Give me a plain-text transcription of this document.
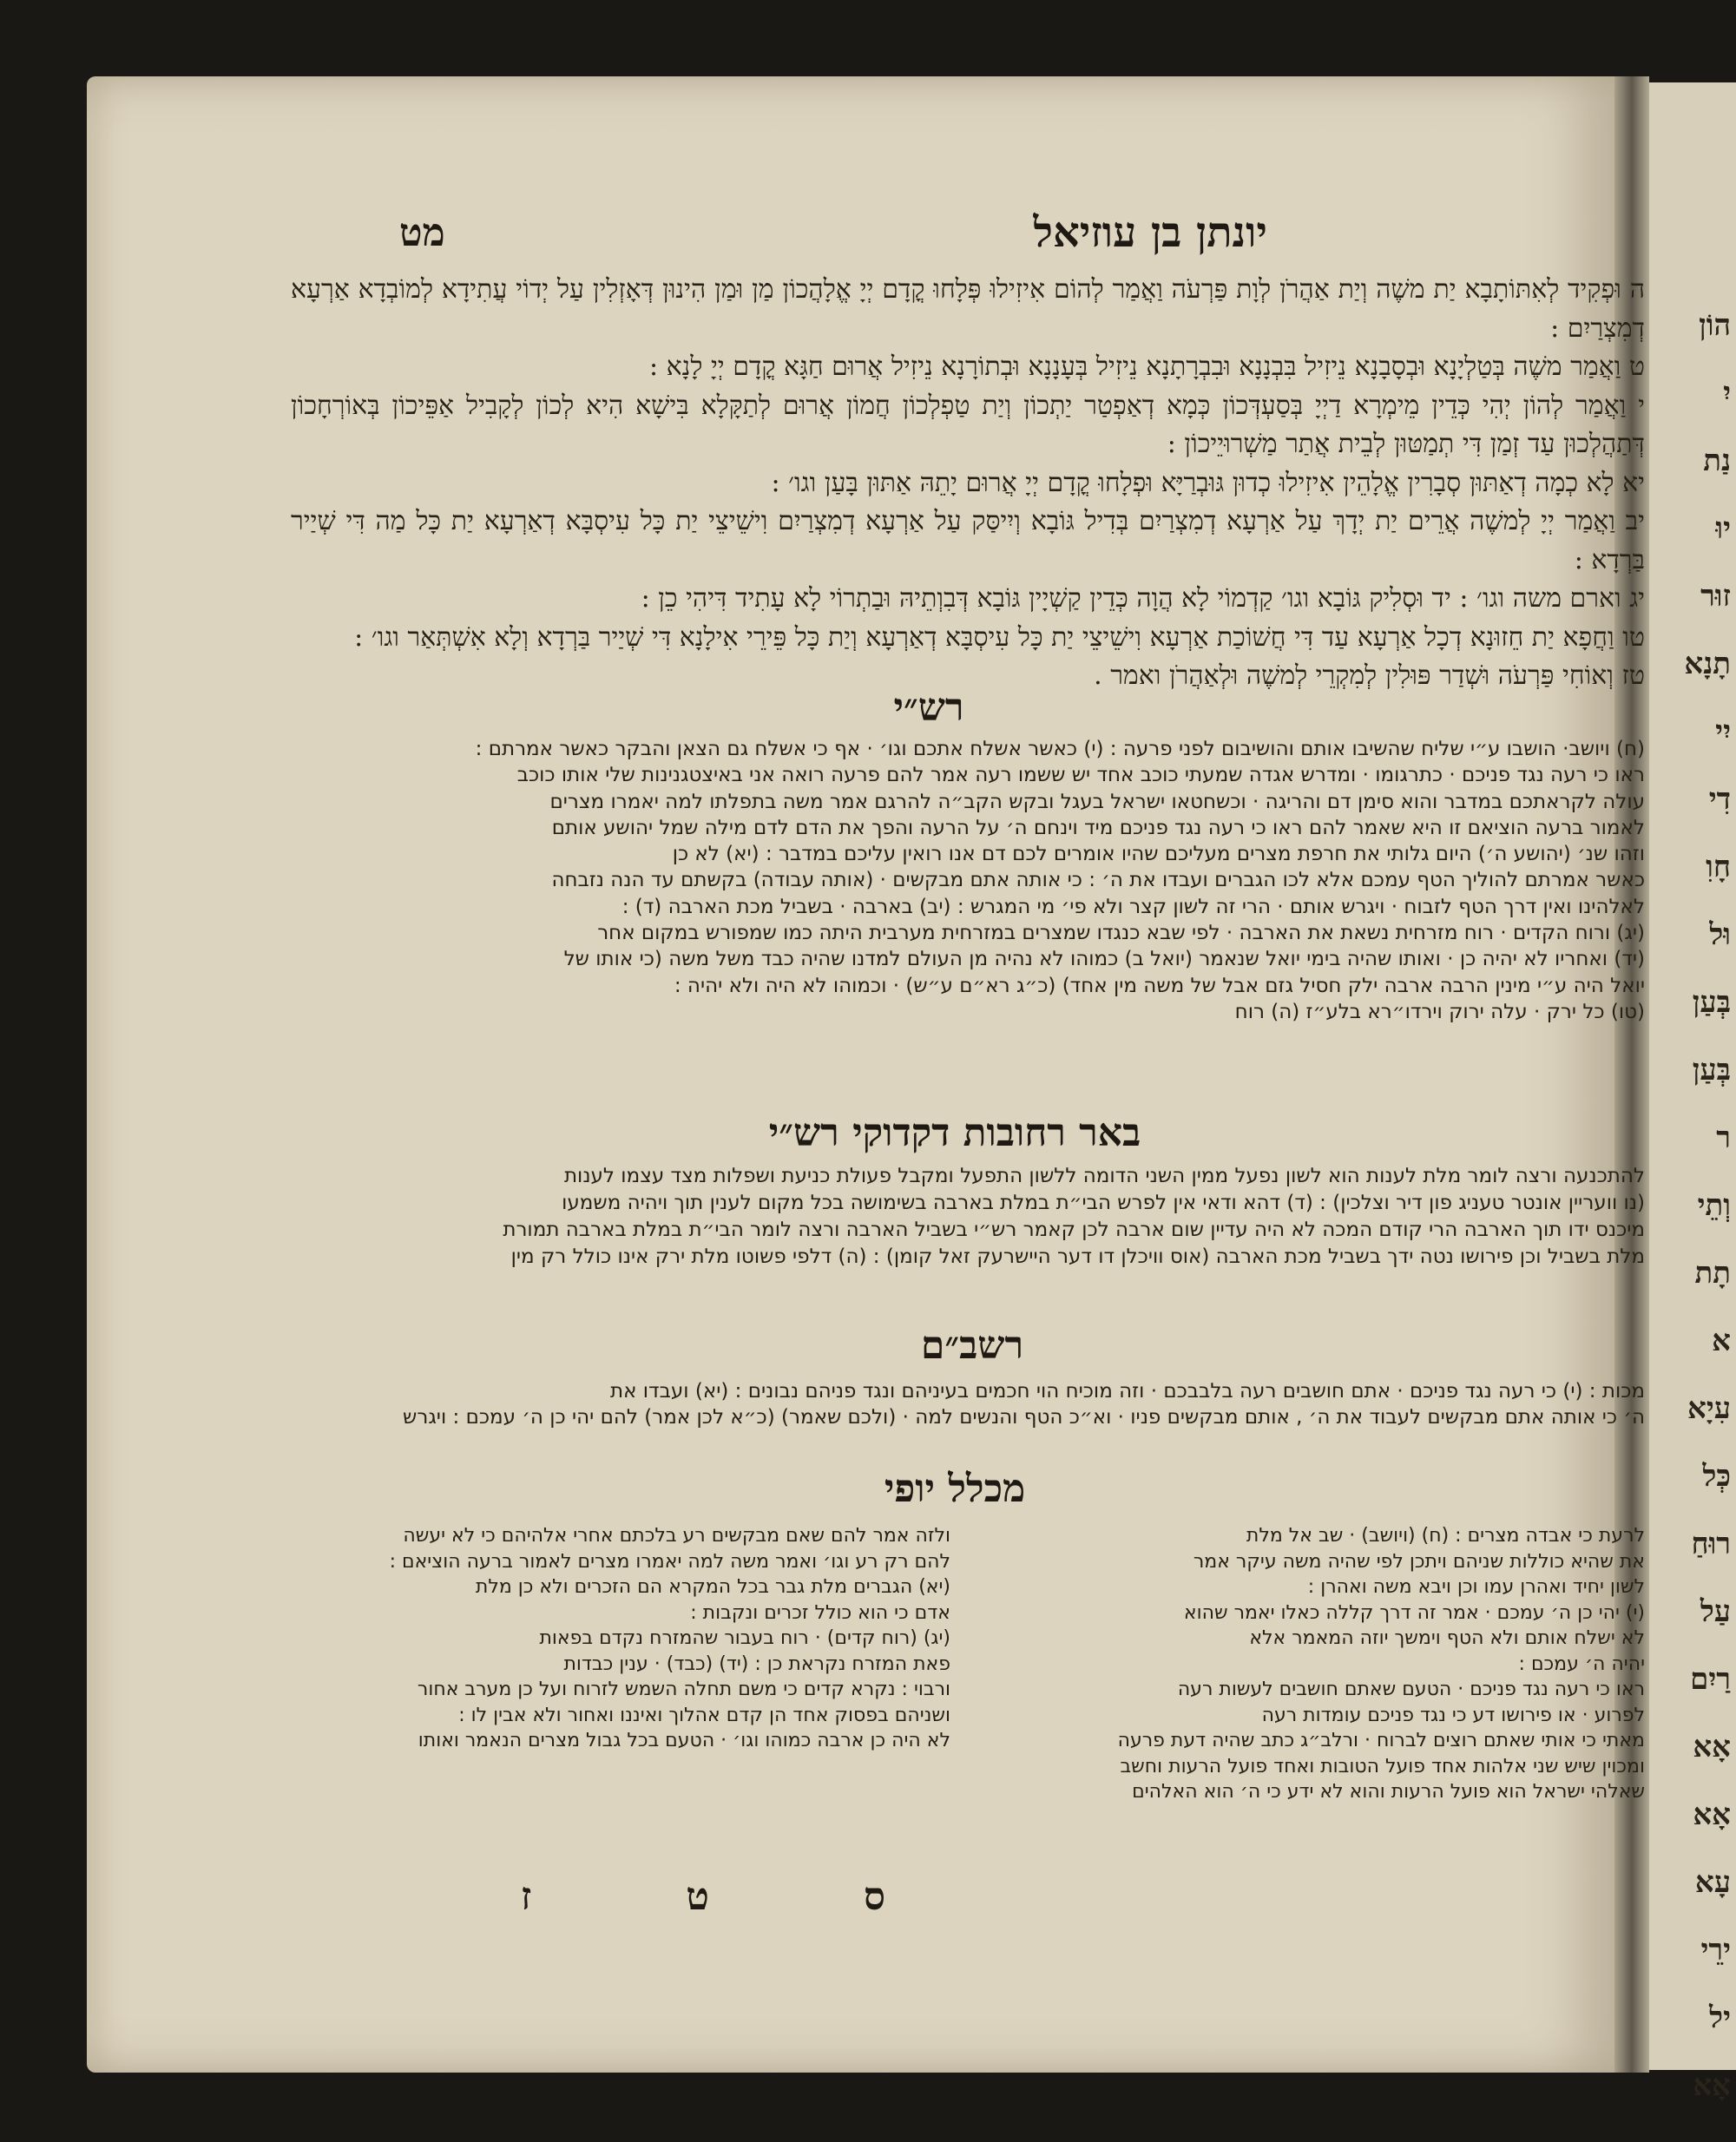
הוֹן
יִ
נַת
יוּ
זוּר
תָנָא
יִי
דִי
חָוִ
וּל
בְּעַן
בְּעַן
ר
וְתֵי
תָת
א
עִיָא
כְּל
רוּחַ
עַל
רַיִם
אָא
אָא
עָא
ירֵי
יל
אָא
מט	יונתן בן עוזיאל

ה וּפְקִיד לְאִתּוֹתָבָא יַת משֶׁה וְיַת אַהֲרֹן לְוָת פַּרְעֹה וַאֲמַר לְהוֹם אִיזִילוּ פְּלָחוּ קֳדָם יְיָ אֱלָהֲכוֹן מַן וּמַן הִינוּן דְּאָזְלִין עַל יְדוֹי עֲתִידָא לְמוֹבְדָא אַרְעָא דְמִצְרַיִם :

ט וַאֲמַר משֶׁה בְּטַלְיָנָא וּבְסָבָנָא נֵיזִיל בִּבְנָנָא וּבִבְרָתָנָא נֵיזִיל בְּעָנָנָא וּבְתוֹרָנָא נֵיזִיל אֲרוּם חַגָּא קֳדָם יְיָ לָנָא :

י וַאֲמַר לְהוֹן יְהִי כְּדֵין מֵימְרָא דַיְיָ בְּסַעְדְּכוֹן כְּמָא דְאַפְטַר יַתְכוֹן וְיַת טַפְלְכוֹן חֲמוֹן אֲרוּם לְתַקָּלָא בִּישָׁא הִיא לְכוֹן לְקָבִיל אַפֵּיכוֹן בְּאוֹרְחָכוֹן דְּתַהֲלְכוּן עַד זְמַן דִּי תְמַטּוּן לְבֵית אֲתַר מַשְׁרוּיֵיכוֹן :

יא לָא כְמָה דְאַתּוּן סְבָרִין אֱלָהֵין אִיזִילוּ כְדוּן גּוּבְרַיָּא וּפְלָחוּ קֳדָם יְיָ אֲרוּם יָתֵהּ אַתּוּן בָּעַן וגו׳ :

יב וַאֲמַר יְיָ לְמשֶׁה אֲרֵים יַת יְדָךְ עַל אַרְעָא דְמִצְרַיִם בְּדִיל גּוֹבָא וְיִיסַּק עַל אַרְעָא דְמִצְרַיִם וִישֵׁיצֵי יַת כָּל עִיסְבָּא דְאַרְעָא יַת כָּל מַה דִּי שְׁיַיר בַּרְדָא :

יג וארם משה וגו׳ : יד וּסְלִיק גּוֹבָא וגו׳ קַדְמוֹי לָא הֲוָה כְּדֵין קַשְׁיָין גּוֹבָא דְּבִוְתֵיהּ וּבַתְרוֹי לָא עָתִיד דִּיהִי כֵן :

טו וַחֲפָא יַת חֵזוּנָא דְכָל אַרְעָא עַד דִּי חֲשׁוֹכַת אַרְעָא וִישֵׁיצֵי יַת כָּל עִיסְבָּא דְאַרְעָא וְיַת כָּל פֵּירֵי אִילָנָא דִּי שְׁיַיר בַּרְדָא וְלָא אִשְׁתְּאַר וגו׳ :

טז וְאוֹחִי פַּרְעֹה וּשְׁדַר פּוּלִין לְמִקְרֵי לְמשֶׁה וּלְאַהֲרֹן ואמר .

רש״י
(ח) ויושב· הושבו ע״י שליח שהשיבו אותם והושיבום לפני פרעה : (י) כאשר אשלח אתכם וגו׳ · אף כי אשלח גם הצאן והבקר כאשר אמרתם :
ראו כי רעה נגד פניכם · כתרגומו · ומדרש אגדה שמעתי כוכב אחד יש ששמו רעה אמר להם פרעה רואה אני באיצטגנינות שלי אותו כוכב
עולה לקראתכם במדבר והוא סימן דם והריגה · וכשחטאו ישראל בעגל ובקש הקב״ה להרגם אמר משה בתפלתו למה יאמרו מצרים
לאמור ברעה הוציאם זו היא שאמר להם ראו כי רעה נגד פניכם מיד וינחם ה׳ על הרעה והפך את הדם לדם מילה שמל יהושע אותם
וזהו שנ׳ (יהושע ה׳) היום גלותי את חרפת מצרים מעליכם שהיו אומרים לכם דם אנו רואין עליכם במדבר : (יא) לא כן
כאשר אמרתם להוליך הטף עמכם אלא לכו הגברים ועבדו את ה׳ : כי אותה אתם מבקשים · (אותה עבודה) בקשתם עד הנה נזבחה
לאלהינו ואין דרך הטף לזבוח · ויגרש אותם · הרי זה לשון קצר ולא פי׳ מי המגרש : (יב) בארבה · בשביל מכת הארבה (ד) :
(יג) ורוח הקדים · רוח מזרחית נשאת את הארבה · לפי שבא כנגדו שמצרים במזרחית מערבית היתה כמו שמפורש במקום אחר
(יד) ואחריו לא יהיה כן · ואותו שהיה בימי יואל שנאמר (יואל ב) כמוהו לא נהיה מן העולם למדנו שהיה כבד משל משה (כי אותו של
יואל היה ע״י מינין הרבה ארבה ילק חסיל גזם אבל של משה מין אחד) (כ״ג רא״ם ע״ש) · וכמוהו לא היה ולא יהיה :
(טו) כל ירק · עלה ירוק וירדו״רא בלע״ז (ה) רוח
באר רחובות דקדוקי רש״י
להתכנעה ורצה לומר מלת לענות הוא לשון נפעל ממין השני הדומה ללשון התפעל ומקבל פעולת כניעת ושפלות מצד עצמו לענות
(נו וועריין אונטר טעניג פון דיר וצלכין) : (ד) דהא ודאי אין לפרש הבי״ת במלת בארבה בשימושה בכל מקום לענין תוך ויהיה משמעו
מיכנס ידו תוך הארבה הרי קודם המכה לא היה עדיין שום ארבה לכן קאמר רש״י בשביל הארבה ורצה לומר הבי״ת במלת בארבה תמורת
מלת בשביל וכן פירושו נטה ידך בשביל מכת הארבה (אוס וויכלן דו דער היישרעק זאל קומן) : (ה) דלפי פשוטו מלת ירק אינו כולל רק מין
רשב״ם
מכות : (י) כי רעה נגד פניכם · אתם חושבים רעה בלבבכם · וזה מוכיח הוי חכמים בעיניהם ונגד פניהם נבונים : (יא) ועבדו את
ה׳ כי אותה אתם מבקשים לעבוד את ה׳ , אותם מבקשים פניו · וא״כ הטף והנשים למה · (ולכם שאמר) (כ״א לכן אמר) להם יהי כן ה׳ עמכם : ויגרש
מכלל יופי
לרעת כי אבדה מצרים : (ח) (ויושב) · שב אל מלת
את שהיא כוללות שניהם ויתכן לפי שהיה משה עיקר אמר
לשון יחיד ואהרן עמו וכן ויבא משה ואהרן :
(י) יהי כן ה׳ עמכם · אמר זה דרך קללה כאלו יאמר שהוא
לא ישלח אותם ולא הטף וימשך יוזה המאמר אלא
יהיה ה׳ עמכם :
ראו כי רעה נגד פניכם · הטעם שאתם חושבים לעשות רעה
לפרוע · או פירושו דע כי נגד פניכם עומדות רעה
מאתי כי אותי שאתם רוצים לברוח · ורלב״ג כתב שהיה דעת פרעה
ומכוין שיש שני אלהות אחד פועל הטובות ואחד פועל הרעות וחשב
שאלהי ישראל הוא פועל הרעות והוא לא ידע כי ה׳ הוא האלהים
ולזה אמר להם שאם מבקשים רע בלכתם אחרי אלהיהם כי לא יעשה
להם רק רע וגו׳ ואמר משה למה יאמרו מצרים לאמור ברעה הוציאם :
(יא) הגברים מלת גבר בכל המקרא הם הזכרים ולא כן מלת
אדם כי הוא כולל זכרים ונקבות :
(יג) (רוח קדים) · רוח בעבור שהמזרח נקדם בפאות
פאת המזרח נקראת כן : (יד) (כבד) · ענין כבדות
ורבוי : נקרא קדים כי משם תחלה השמש לזרוח ועל כן מערב אחור
ושניהם בפסוק אחד הן קדם אהלוך ואיננו ואחור ולא אבין לו :
לא היה כן ארבה כמוהו וגו׳ · הטעם בכל גבול מצרים הנאמר ואותו
ס
ט
ז
